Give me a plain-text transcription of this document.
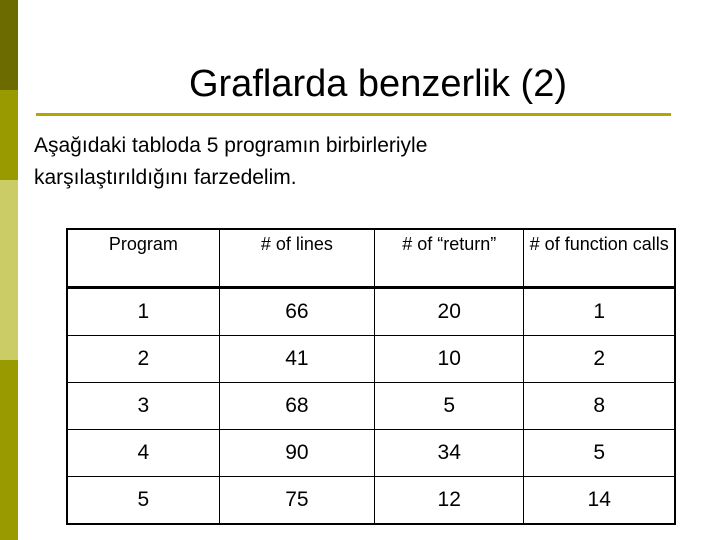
Graflarda benzerlik (2)
Aşağıdaki tabloda 5 programın birbirleriyle
karşılaştırıldığını farzedelim.
Program	# of lines	# of “return”	# of function calls
1	66	20	1
2	41	10	2
3	68	5	8
4	90	34	5
5	75	12	14
